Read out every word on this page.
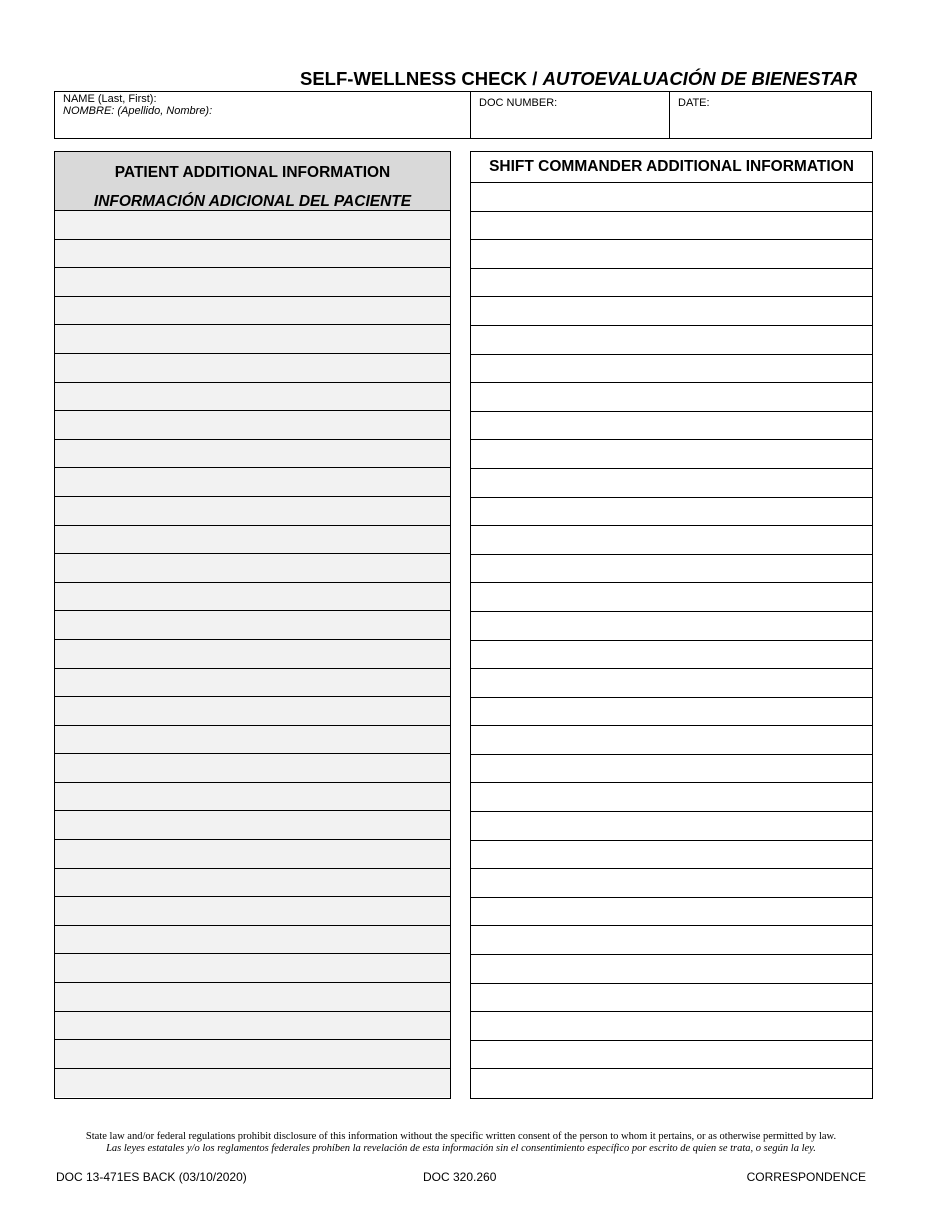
SELF-WELLNESS CHECK / AUTOEVALUACIÓN DE BIENESTAR
NAME (Last, First):
NOMBRE: (Apellido, Nombre):
DOC NUMBER:	DATE:
PATIENT ADDITIONAL INFORMATION
INFORMACIÓN ADICIONAL DEL PACIENTE
SHIFT COMMANDER ADDITIONAL INFORMATION
State law and/or federal regulations prohibit disclosure of this information without the specific written consent of the person to whom it pertains, or as otherwise permitted by law.
Las leyes estatales y/o los reglamentos federales prohíben la revelación de esta información sin el consentimiento específico por escrito de quien se trata, o según la ley.
DOC 13-471ES BACK (03/10/2020)	DOC 320.260	CORRESPONDENCE
